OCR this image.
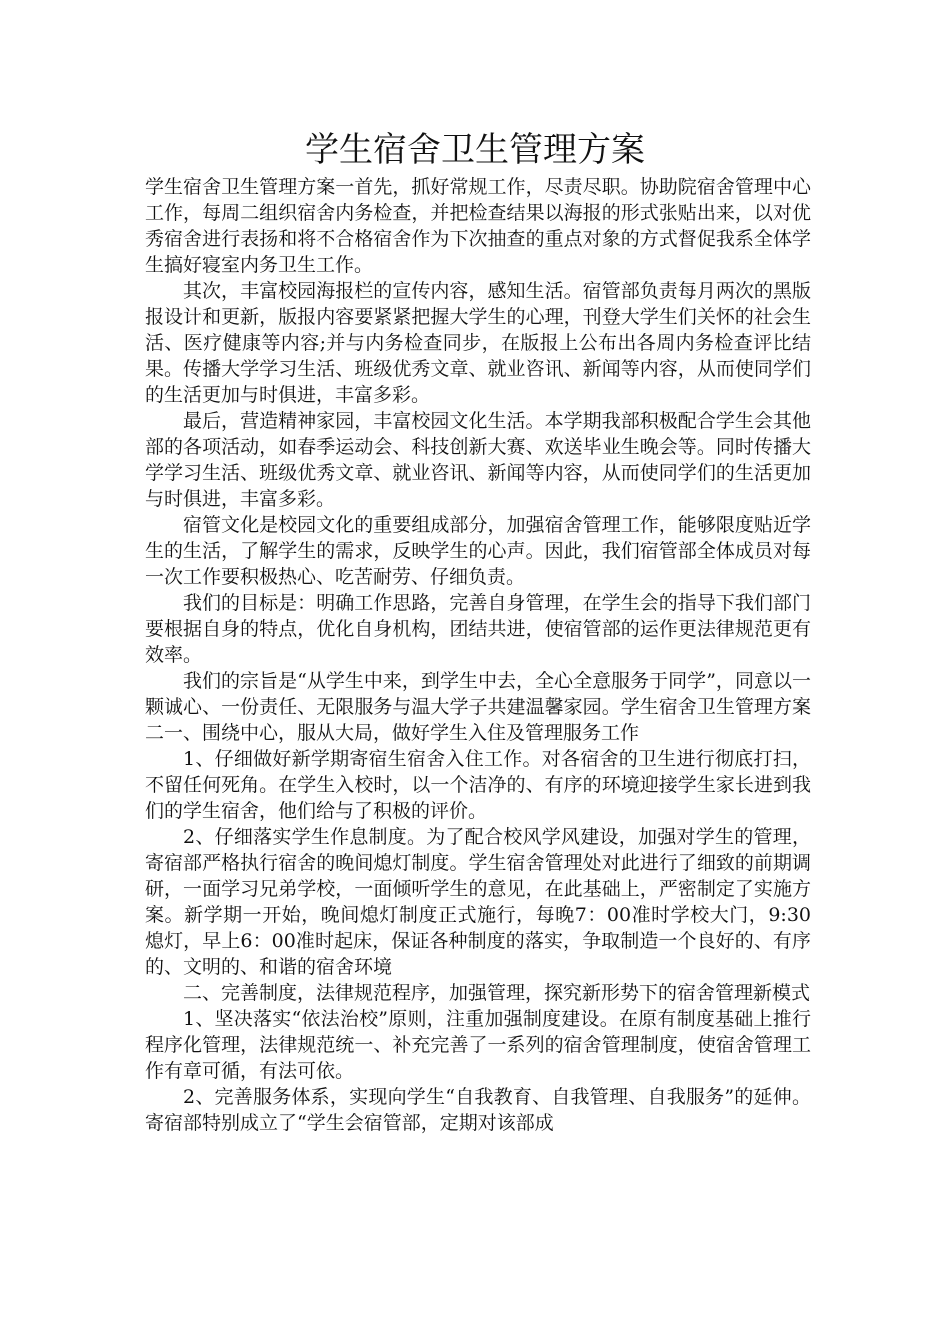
学生宿舍卫生管理方案

学生宿舍卫生管理方案一首先，抓好常规工作，尽责尽职。协助院宿舍管理中心工作，每周二组织宿舍内务检查，并把检查结果以海报的形式张贴出来，以对优秀宿舍进行表扬和将不合格宿舍作为下次抽查的重点对象的方式督促我系全体学生搞好寝室内务卫生工作。

其次，丰富校园海报栏的宣传内容，感知生活。宿管部负责每月两次的黑版报设计和更新，版报内容要紧紧把握大学生的心理，刊登大学生们关怀的社会生活、医疗健康等内容;并与内务检查同步，在版报上公布出各周内务检查评比结果。传播大学学习生活、班级优秀文章、就业咨讯、新闻等内容，从而使同学们的生活更加与时俱进，丰富多彩。

最后，营造精神家园，丰富校园文化生活。本学期我部积极配合学生会其他部的各项活动，如春季运动会、科技创新大赛、欢送毕业生晚会等。同时传播大学学习生活、班级优秀文章、就业咨讯、新闻等内容，从而使同学们的生活更加与时俱进，丰富多彩。

宿管文化是校园文化的重要组成部分，加强宿舍管理工作，能够限度贴近学生的生活，了解学生的需求，反映学生的心声。因此，我们宿管部全体成员对每一次工作要积极热心、吃苦耐劳、仔细负责。

我们的目标是：明确工作思路，完善自身管理，在学生会的指导下我们部门要根据自身的特点，优化自身机构，团结共进，使宿管部的运作更法律规范更有效率。

我们的宗旨是“从学生中来，到学生中去，全心全意服务于同学”，同意以一颗诚心、一份责任、无限服务与温大学子共建温馨家园。学生宿舍卫生管理方案二一、围绕中心，服从大局，做好学生入住及管理服务工作

1、仔细做好新学期寄宿生宿舍入住工作。对各宿舍的卫生进行彻底打扫，不留任何死角。在学生入校时，以一个洁净的、有序的环境迎接学生家长进到我们的学生宿舍，他们给与了积极的评价。

2、仔细落实学生作息制度。为了配合校风学风建设，加强对学生的管理，寄宿部严格执行宿舍的晚间熄灯制度。学生宿舍管理处对此进行了细致的前期调研，一面学习兄弟学校，一面倾听学生的意见，在此基础上，严密制定了实施方案。新学期一开始，晚间熄灯制度正式施行，每晚7：00准时学校大门，9:30熄灯，早上6：00准时起床，保证各种制度的落实，争取制造一个良好的、有序的、文明的、和谐的宿舍环境

二、完善制度，法律规范程序，加强管理，探究新形势下的宿舍管理新模式

1、坚决落实“依法治校”原则，注重加强制度建设。在原有制度基础上推行程序化管理，法律规范统一、补充完善了一系列的宿舍管理制度，使宿舍管理工作有章可循，有法可依。

2、完善服务体系，实现向学生“自我教育、自我管理、自我服务”的延伸。寄宿部特别成立了“学生会宿管部，定期对该部成
